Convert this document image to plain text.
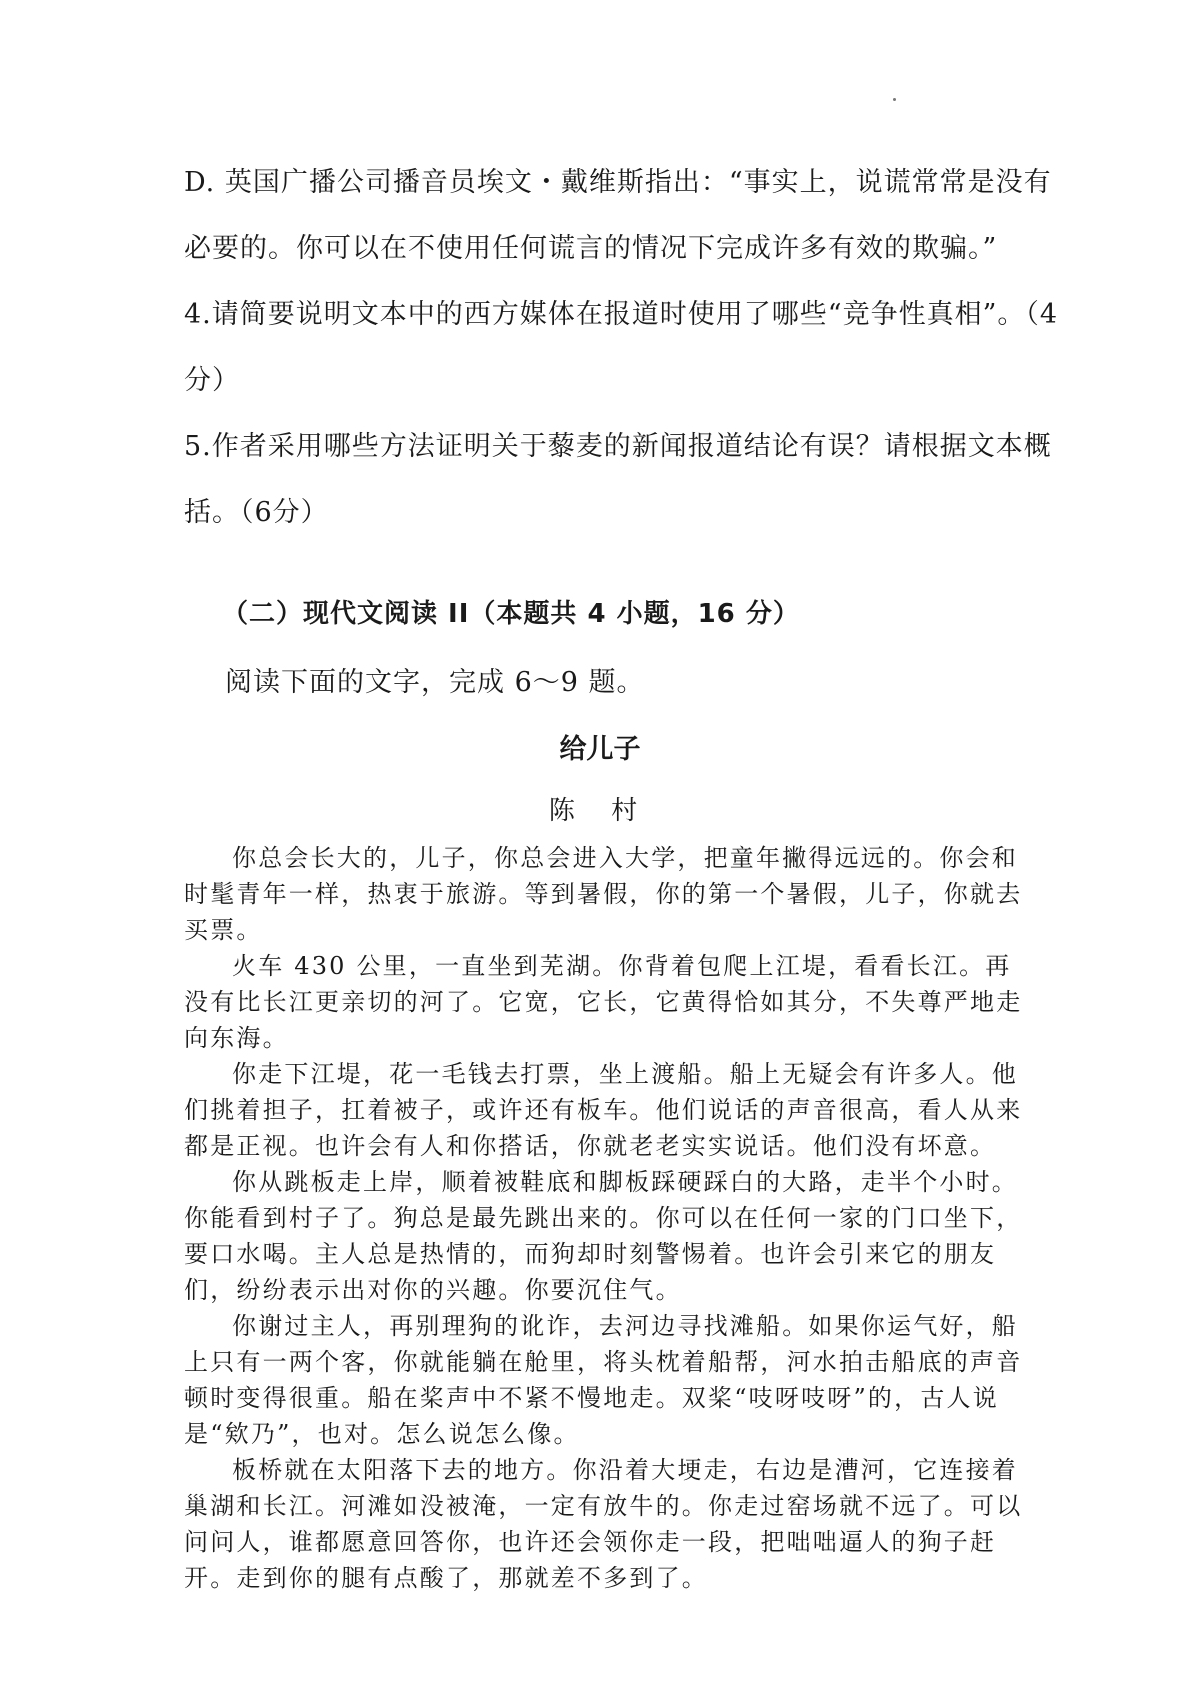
D. 英国广播公司播音员埃文・戴维斯指出：“事实上，说谎常常是没有必要的。你可以在不使用任何谎言的情况下完成许多有效的欺骗。”

4.请简要说明文本中的西方媒体在报道时使用了哪些“竞争性真相”。（4分）

5.作者采用哪些方法证明关于藜麦的新闻报道结论有误？请根据文本概括。（6分）

（二）现代文阅读 II（本题共 4 小题，16 分）
阅读下面的文字，完成 6～9 题。
给儿子
陈 村

你总会长大的，儿子，你总会进入大学，把童年撇得远远的。你会和时髦青年一样，热衷于旅游。等到暑假，你的第一个暑假，儿子，你就去买票。

火车 430 公里，一直坐到芜湖。你背着包爬上江堤，看看长江。再没有比长江更亲切的河了。它宽，它长，它黄得恰如其分，不失尊严地走向东海。

你走下江堤，花一毛钱去打票，坐上渡船。船上无疑会有许多人。他们挑着担子，扛着被子，或许还有板车。他们说话的声音很高，看人从来都是正视。也许会有人和你搭话，你就老老实实说话。他们没有坏意。

你从跳板走上岸，顺着被鞋底和脚板踩硬踩白的大路，走半个小时。你能看到村子了。狗总是最先跳出来的。你可以在任何一家的门口坐下，要口水喝。主人总是热情的，而狗却时刻警惕着。也许会引来它的朋友们，纷纷表示出对你的兴趣。你要沉住气。

你谢过主人，再别理狗的讹诈，去河边寻找滩船。如果你运气好，船上只有一两个客，你就能躺在舱里，将头枕着船帮，河水拍击船底的声音顿时变得很重。船在桨声中不紧不慢地走。双桨“吱呀吱呀”的，古人说是“欸乃”，也对。怎么说怎么像。

板桥就在太阳落下去的地方。你沿着大埂走，右边是漕河，它连接着巢湖和长江。河滩如没被淹，一定有放牛的。你走过窑场就不远了。可以问问人，谁都愿意回答你，也许还会领你走一段，把咄咄逼人的狗子赶开。走到你的腿有点酸了，那就差不多到了。
